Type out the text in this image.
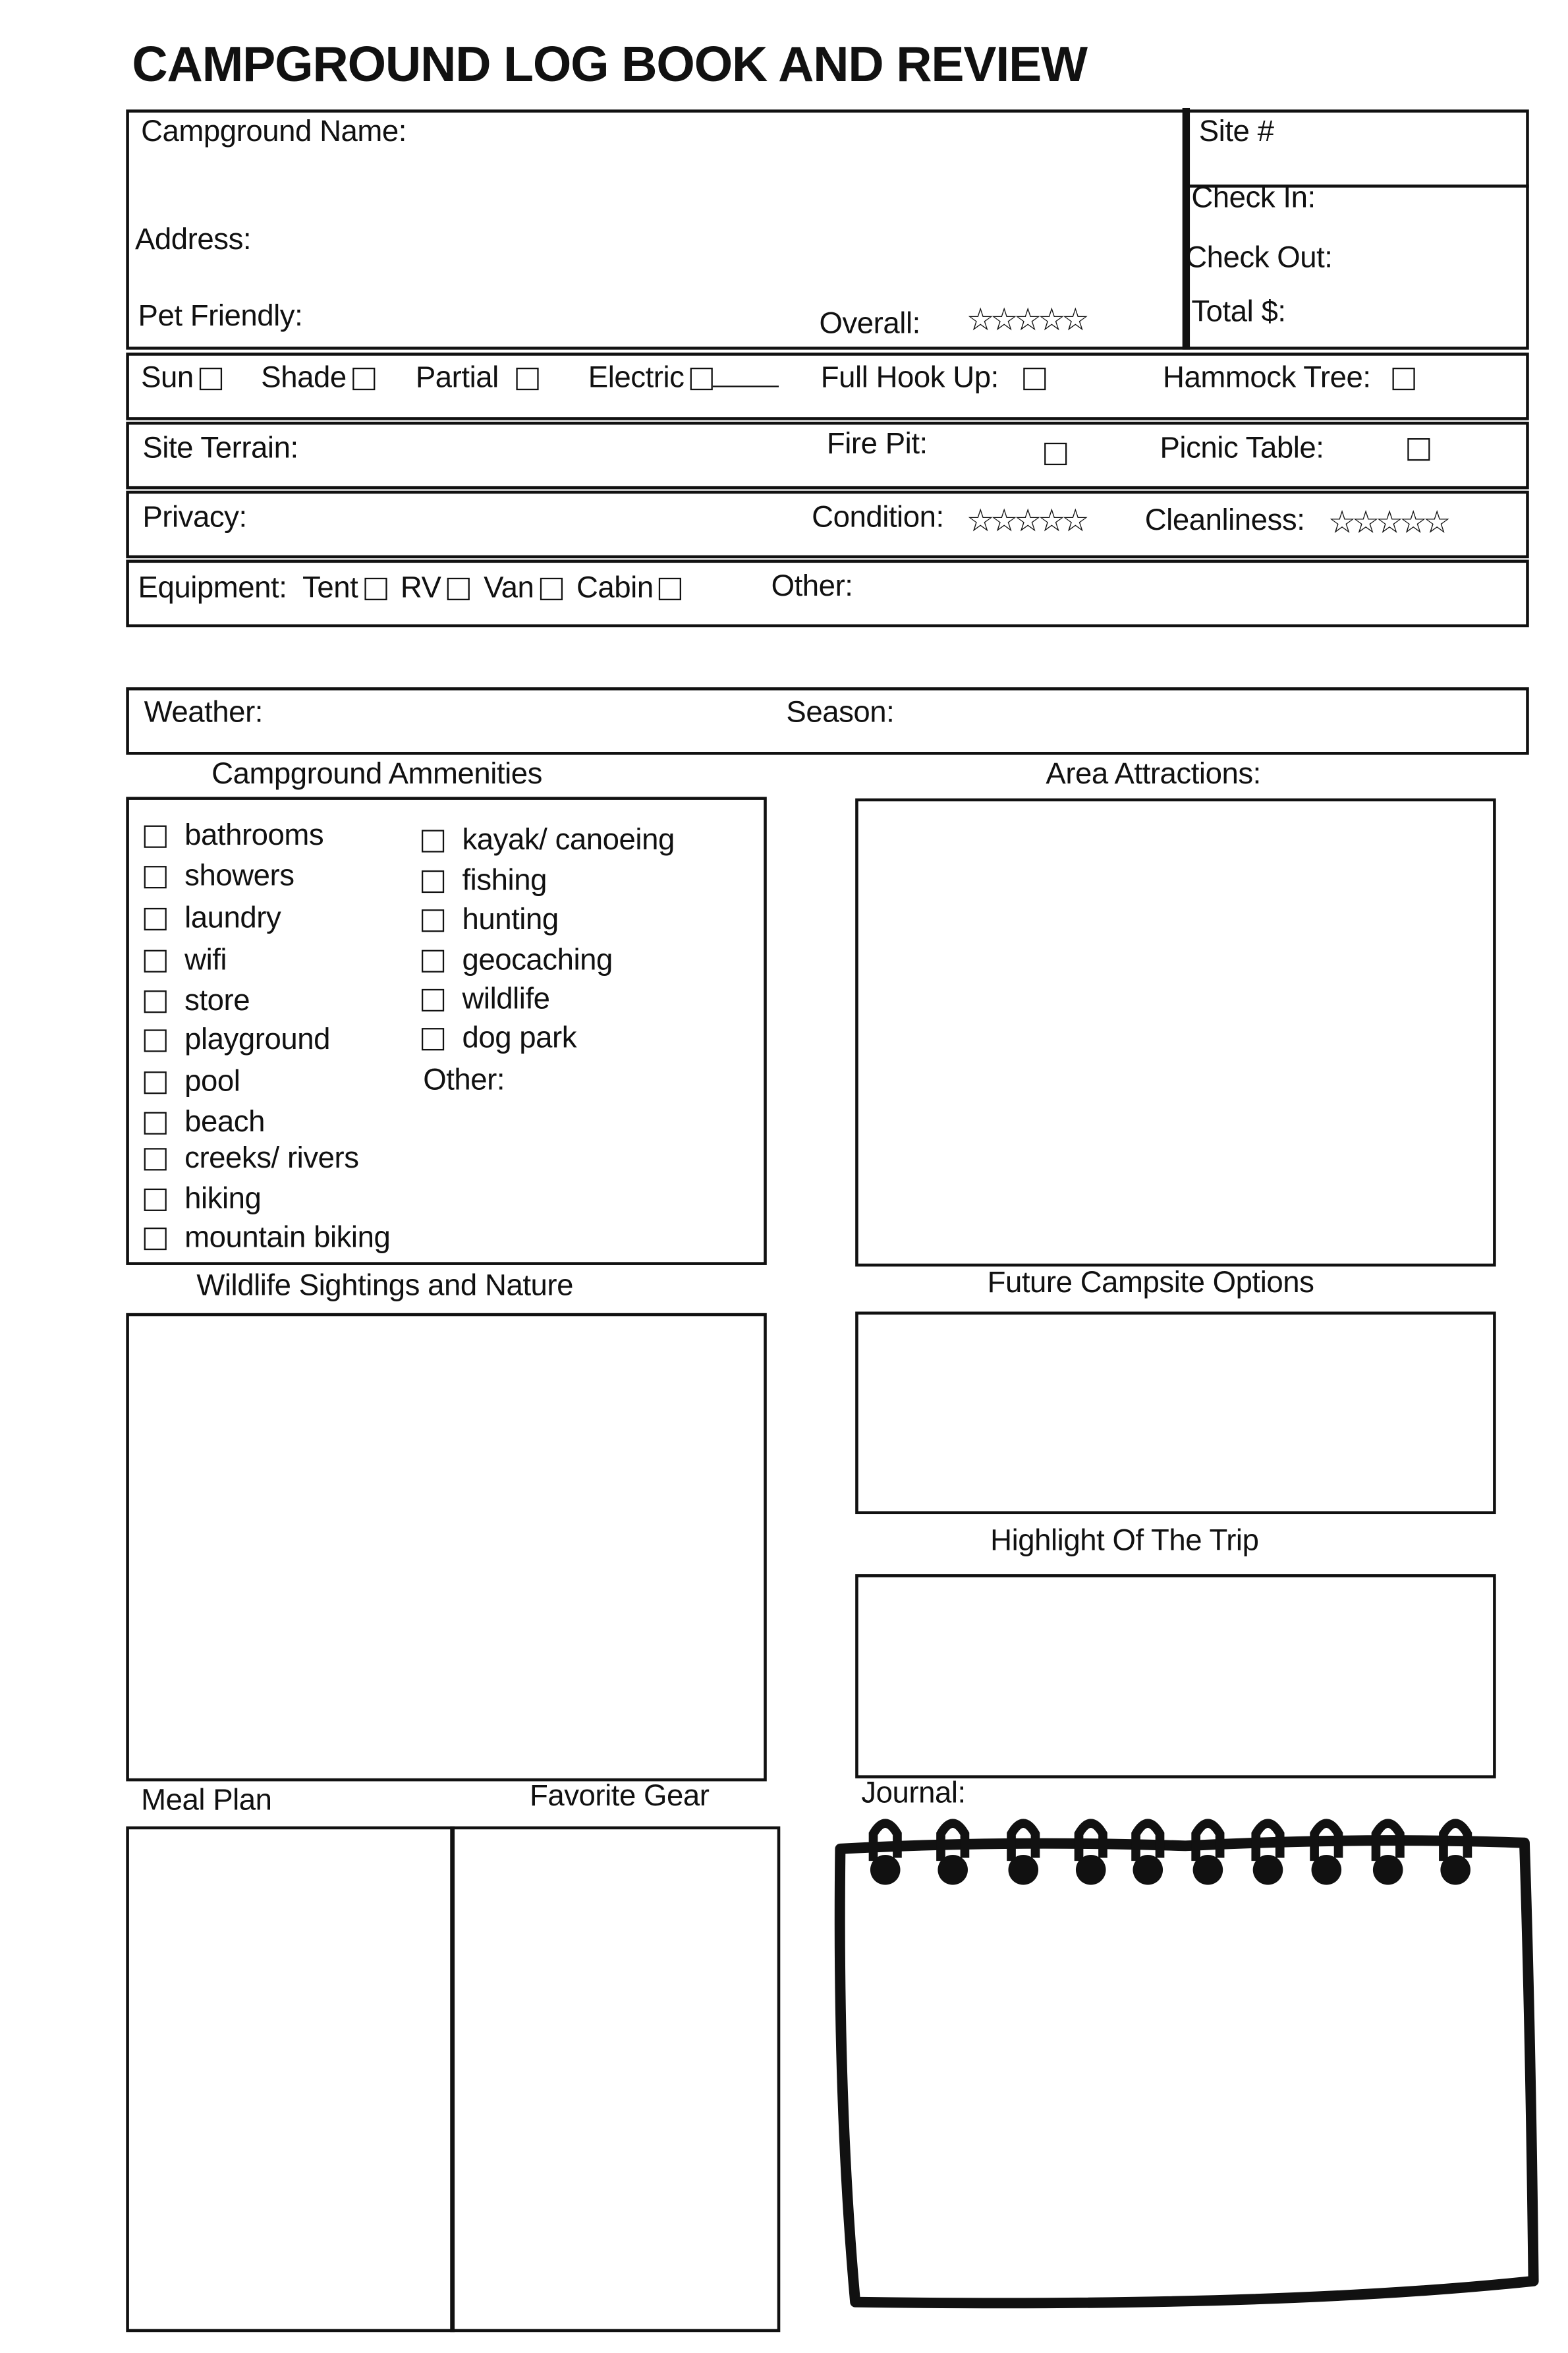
CAMPGROUND LOG BOOK AND REVIEW
Campground Name:
Address:
Pet Friendly:	Overall:	☆☆☆☆☆
Site #
Check In:
Check Out:
Total $:
Sun	Shade	Partial	Electric	Full Hook Up:	Hammock Tree:
Site Terrain:	Fire Pit:	Picnic Table:
Privacy:	Condition: ☆☆☆☆☆	Cleanliness: ☆☆☆☆☆
Equipment: Tent	RV	Van	Cabin	Other:
Weather:	Season:
Campground Ammenities
bathrooms
showers
laundry
wifi
store
playground
pool
beach
creeks/ rivers
hiking
mountain biking
kayak/ canoeing
fishing
hunting
geocaching
wildlife
dog park
Other:
Area Attractions:
Wildlife Sightings and Nature	Future Campsite Options
Highlight Of The Trip
Meal Plan	Favorite Gear	Journal:
